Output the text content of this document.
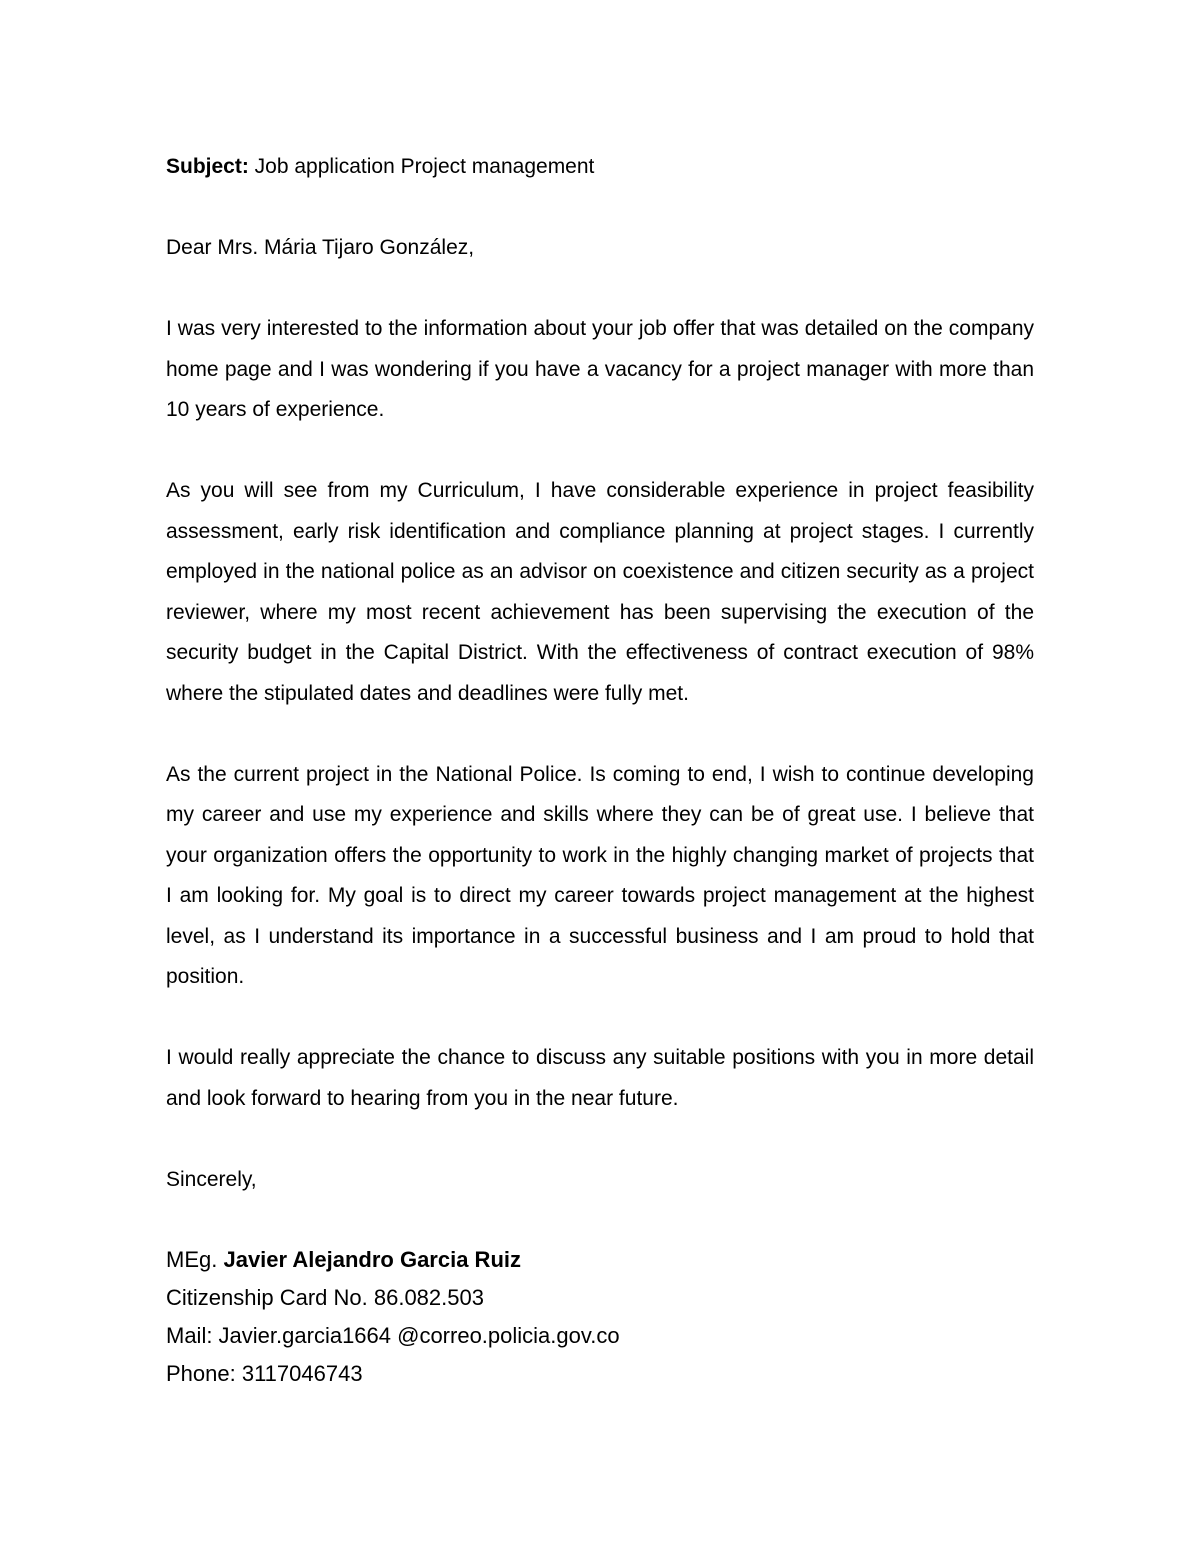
Subject: Job application Project management

Dear Mrs. Mária Tijaro González,

I was very interested to the information about your job offer that was detailed on the company home page and I was wondering if you have a vacancy for a project manager with more than 10 years of experience.

As you will see from my Curriculum, I have considerable experience in project feasibility assessment, early risk identification and compliance planning at project stages. I currently employed in the national police as an advisor on coexistence and citizen security as a project reviewer, where my most recent achievement has been supervising the execution of the security budget in the Capital District. With the effectiveness of contract execution of 98% where the stipulated dates and deadlines were fully met.

As the current project in the National Police. Is coming to end, I wish to continue developing my career and use my experience and skills where they can be of great use. I believe that your organization offers the opportunity to work in the highly changing market of projects that I am looking for. My goal is to direct my career towards project management at the highest level, as I understand its importance in a successful business and I am proud to hold that position.

I would really appreciate the chance to discuss any suitable positions with you in more detail and look forward to hearing from you in the near future.

Sincerely,

MEg. Javier Alejandro Garcia Ruiz
Citizenship Card No. 86.082.503
Mail: Javier.garcia1664 @correo.policia.gov.co
Phone: 3117046743
